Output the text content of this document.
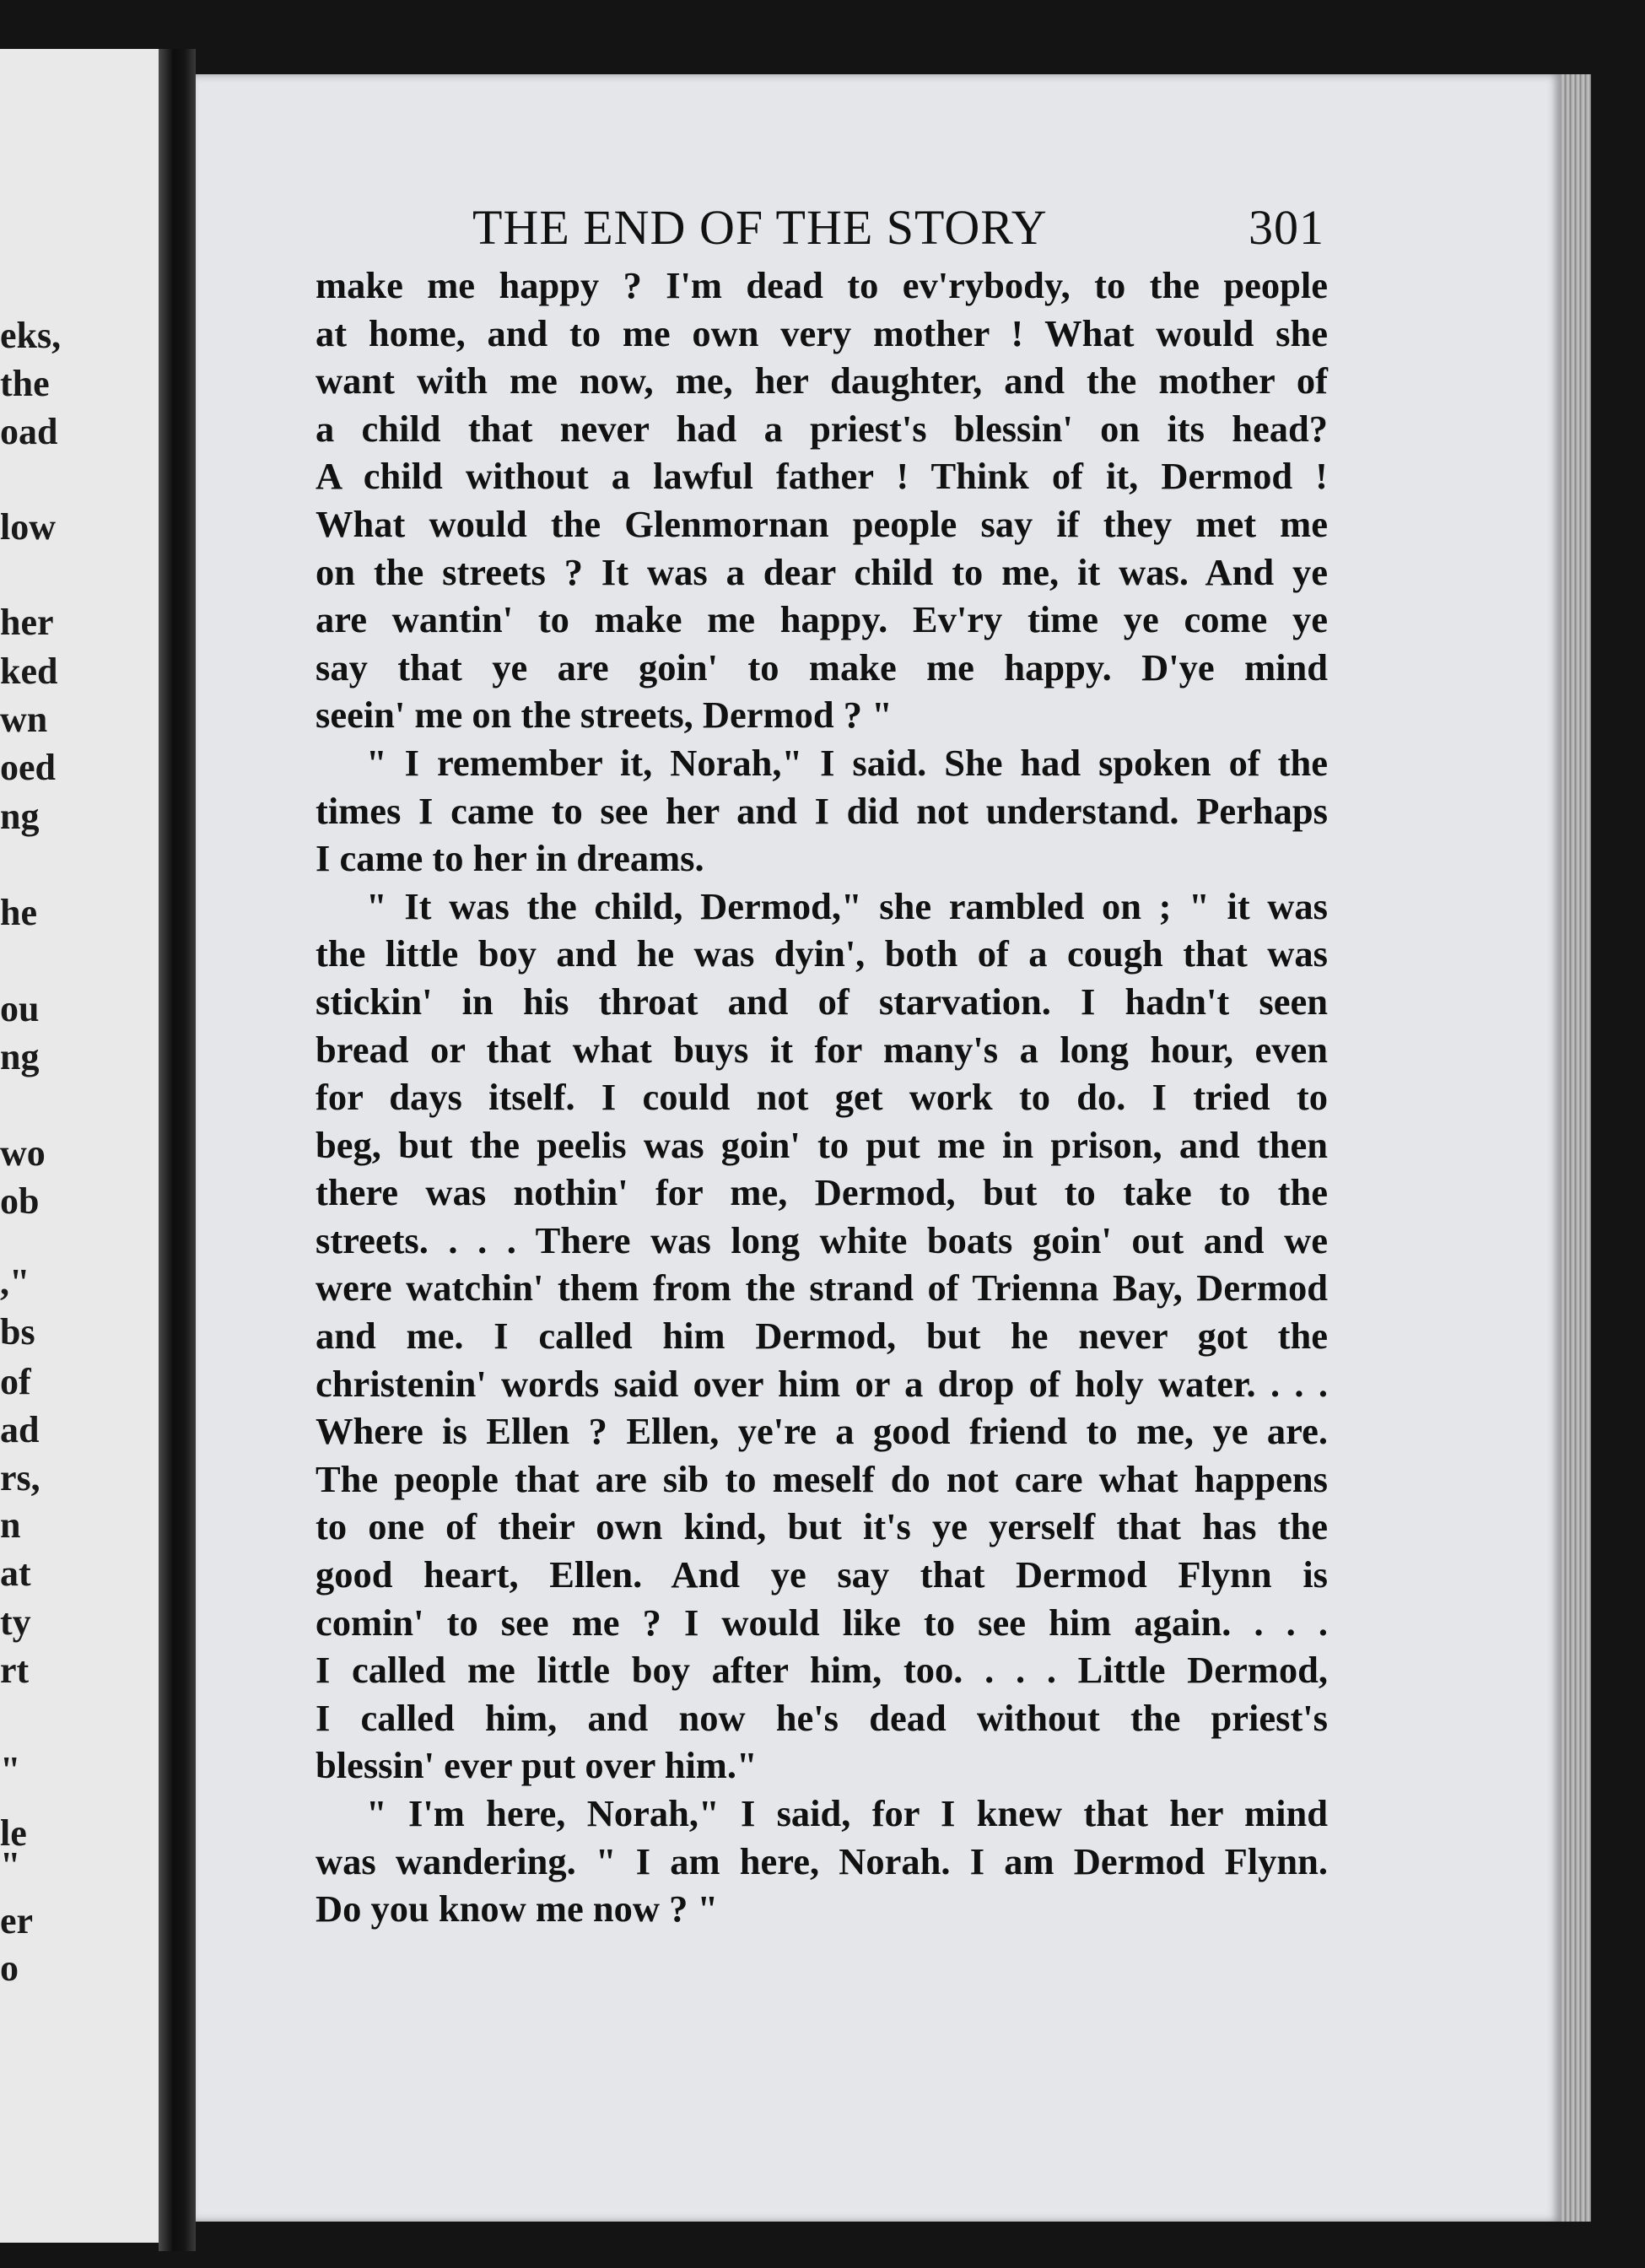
eks,
the
oad
low
her
ked
wn
oed
ng
he
ou
ng
wo
ob
,"
bs
of
ad
rs,
n
at
ty
rt
"
le
"
er
o
THE END OF THE STORY	301
make me happy ? I'm dead to ev'rybody, to the people
at home, and to me own very mother ! What would she
want with me now, me, her daughter, and the mother of
a child that never had a priest's blessin' on its head?
A child without a lawful father ! Think of it, Dermod !
What would the Glenmornan people say if they met me
on the streets ? It was a dear child to me, it was. And ye
are wantin' to make me happy. Ev'ry time ye come ye
say that ye are goin' to make me happy. D'ye mind
seein' me on the streets, Dermod ? "
" I remember it, Norah," I said. She had spoken of the
times I came to see her and I did not understand. Perhaps
I came to her in dreams.
" It was the child, Dermod," she rambled on ; " it was
the little boy and he was dyin', both of a cough that was
stickin' in his throat and of starvation. I hadn't seen
bread or that what buys it for many's a long hour, even
for days itself. I could not get work to do. I tried to
beg, but the peelis was goin' to put me in prison, and then
there was nothin' for me, Dermod, but to take to the
streets. . . . There was long white boats goin' out and we
were watchin' them from the strand of Trienna Bay, Dermod
and me. I called him Dermod, but he never got the
christenin' words said over him or a drop of holy water. . . .
Where is Ellen ? Ellen, ye're a good friend to me, ye are.
The people that are sib to meself do not care what happens
to one of their own kind, but it's ye yerself that has the
good heart, Ellen. And ye say that Dermod Flynn is
comin' to see me ? I would like to see him again. . . .
I called me little boy after him, too. . . . Little Dermod,
I called him, and now he's dead without the priest's
blessin' ever put over him."
" I'm here, Norah," I said, for I knew that her mind
was wandering. " I am here, Norah. I am Dermod Flynn.
Do you know me now ? "
